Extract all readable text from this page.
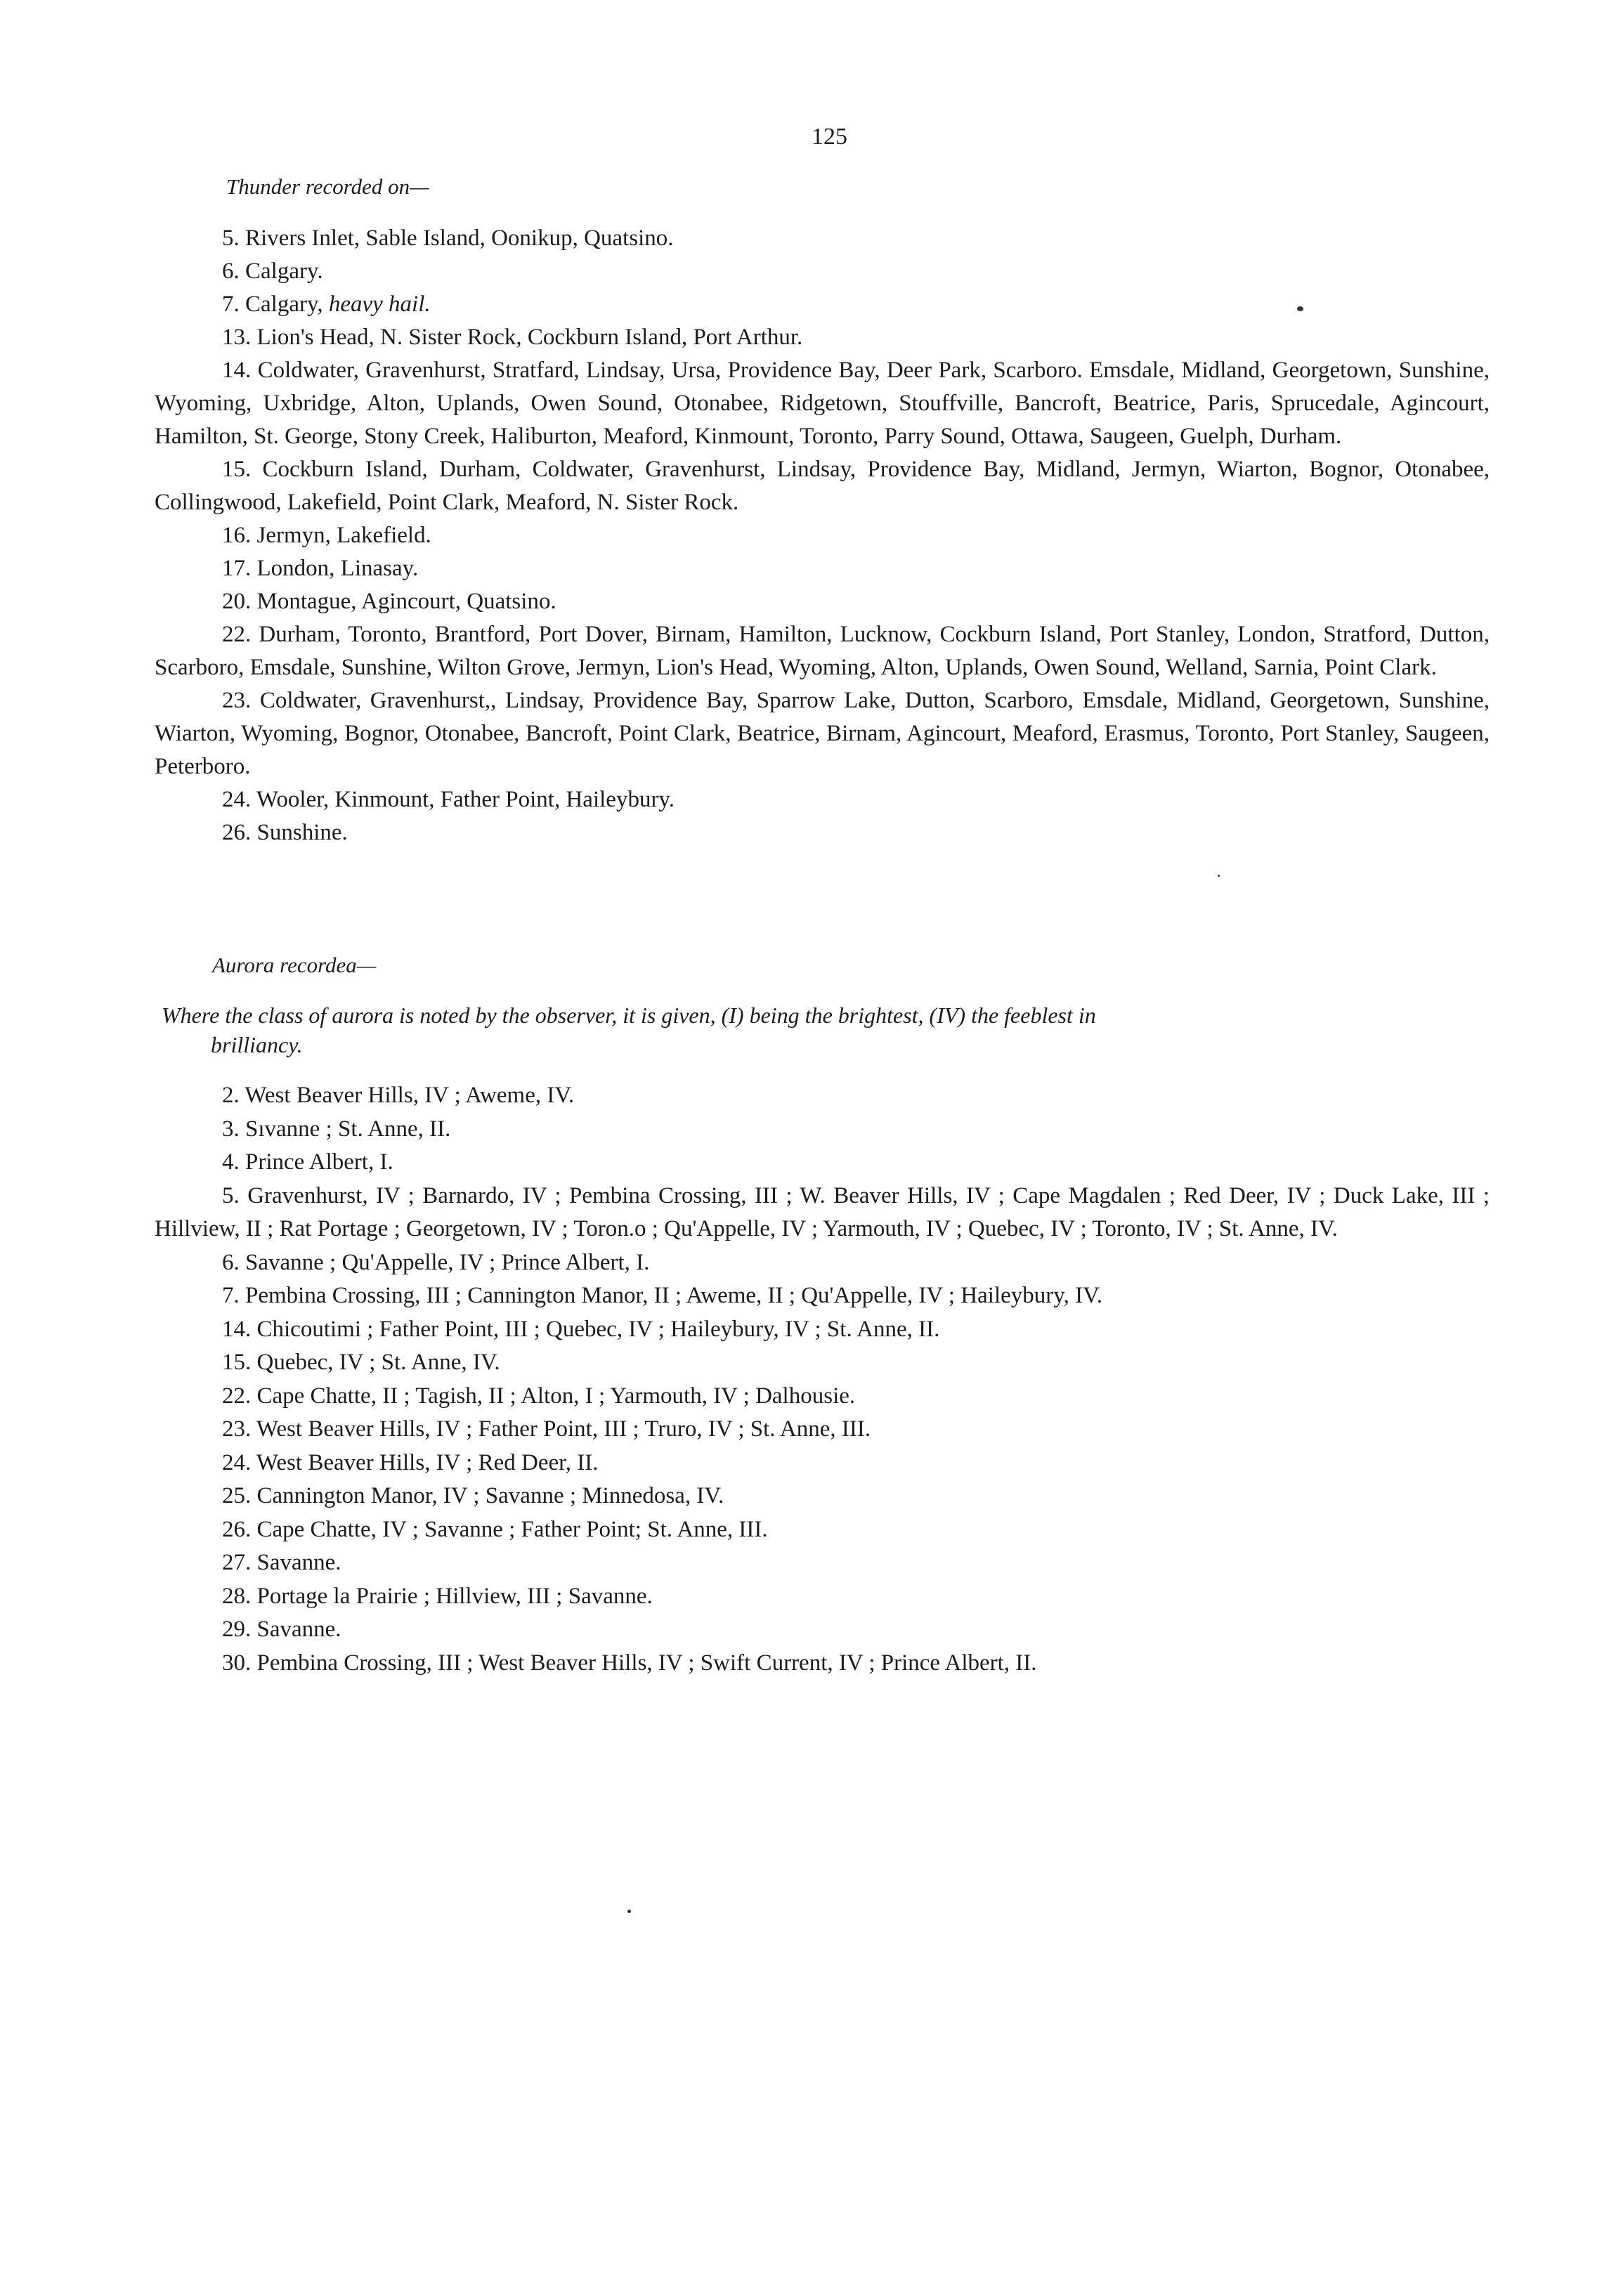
125
Thunder recorded on—
5. Rivers Inlet, Sable Island, Oonikup, Quatsino.
6. Calgary.
7. Calgary, heavy hail.
13. Lion's Head, N. Sister Rock, Cockburn Island, Port Arthur.
14. Coldwater, Gravenhurst, Stratfard, Lindsay, Ursa, Providence Bay, Deer Park, Scarboro. Emsdale, Midland, Georgetown, Sunshine, Wyoming, Uxbridge, Alton, Uplands, Owen Sound, Otonabee, Ridgetown, Stouffville, Bancroft, Beatrice, Paris, Sprucedale, Agincourt, Hamilton, St. George, Stony Creek, Haliburton, Meaford, Kinmount, Toronto, Parry Sound, Ottawa, Saugeen, Guelph, Durham.
15. Cockburn Island, Durham, Coldwater, Gravenhurst, Lindsay, Providence Bay, Midland, Jermyn, Wiarton, Bognor, Otonabee, Collingwood, Lakefield, Point Clark, Meaford, N. Sister Rock.
16. Jermyn, Lakefield.
17. London, Linasay.
20. Montague, Agincourt, Quatsino.
22. Durham, Toronto, Brantford, Port Dover, Birnam, Hamilton, Lucknow, Cockburn Island, Port Stanley, London, Stratford, Dutton, Scarboro, Emsdale, Sunshine, Wilton Grove, Jermyn, Lion's Head, Wyoming, Alton, Uplands, Owen Sound, Welland, Sarnia, Point Clark.
23. Coldwater, Gravenhurst,, Lindsay, Providence Bay, Sparrow Lake, Dutton, Scarboro, Emsdale, Midland, Georgetown, Sunshine, Wiarton, Wyoming, Bognor, Otonabee, Bancroft, Point Clark, Beatrice, Birnam, Agincourt, Meaford, Erasmus, Toronto, Port Stanley, Saugeen, Peterboro.
24. Wooler, Kinmount, Father Point, Haileybury.
26. Sunshine.
Aurora recordea—
Where the class of aurora is noted by the observer, it is given, (I) being the brightest, (IV) the feeblest in
brilliancy.
2. West Beaver Hills, IV ; Aweme, IV.
3. Sıvanne ; St. Anne, II.
4. Prince Albert, I.
5. Gravenhurst, IV ; Barnardo, IV ; Pembina Crossing, III ; W. Beaver Hills, IV ; Cape Magdalen ; Red Deer, IV ; Duck Lake, III ; Hillview, II ; Rat Portage ; Georgetown, IV ; Toron.o ; Qu'Appelle, IV ; Yarmouth, IV ; Quebec, IV ; Toronto, IV ; St. Anne, IV.
6. Savanne ; Qu'Appelle, IV ; Prince Albert, I.
7. Pembina Crossing, III ; Cannington Manor, II ; Aweme, II ; Qu'Appelle, IV ; Haileybury, IV.
14. Chicoutimi ; Father Point, III ; Quebec, IV ; Haileybury, IV ; St. Anne, II.
15. Quebec, IV ; St. Anne, IV.
22. Cape Chatte, II ; Tagish, II ; Alton, I ; Yarmouth, IV ; Dalhousie.
23. West Beaver Hills, IV ; Father Point, III ; Truro, IV ; St. Anne, III.
24. West Beaver Hills, IV ; Red Deer, II.
25. Cannington Manor, IV ; Savanne ; Minnedosa, IV.
26. Cape Chatte, IV ; Savanne ; Father Point; St. Anne, III.
27. Savanne.
28. Portage la Prairie ; Hillview, III ; Savanne.
29. Savanne.
30. Pembina Crossing, III ; West Beaver Hills, IV ; Swift Current, IV ; Prince Albert, II.
